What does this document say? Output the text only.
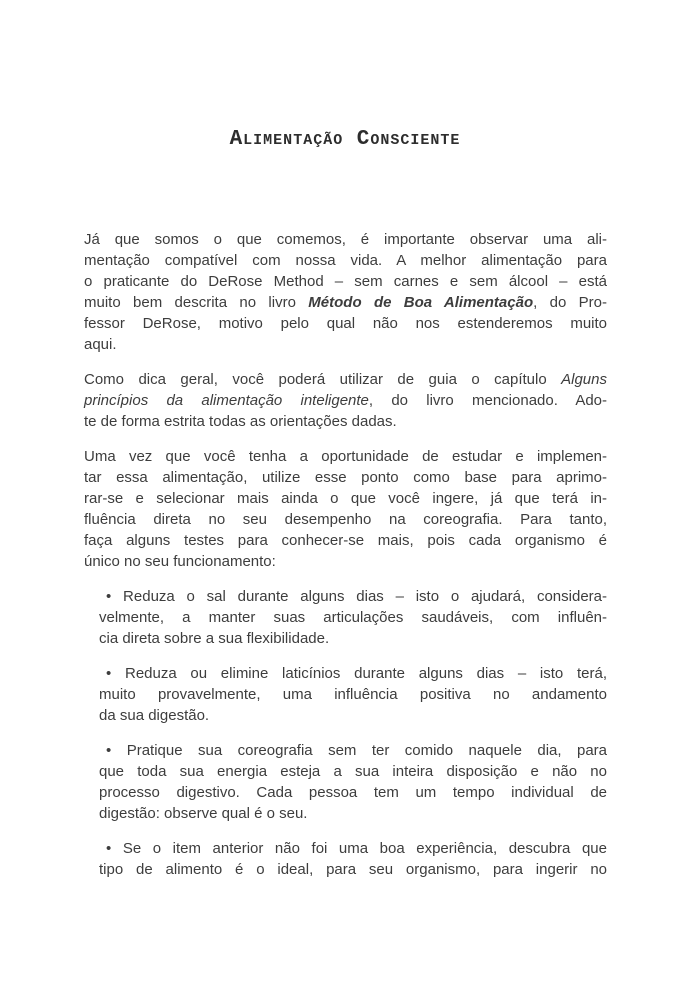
Alimentação Consciente
Já que somos o que comemos, é importante observar uma ali-
mentação compatível com nossa vida. A melhor alimentação para
o praticante do DeRose Method – sem carnes e sem álcool – está
muito bem descrita no livro Método de Boa Alimentação, do Pro-
fessor DeRose, motivo pelo qual não nos estenderemos muito
aqui.
Como dica geral, você poderá utilizar de guia o capítulo Alguns
princípios da alimentação inteligente, do livro mencionado. Ado-
te de forma estrita todas as orientações dadas.
Uma vez que você tenha a oportunidade de estudar e implemen-
tar essa alimentação, utilize esse ponto como base para aprimo-
rar-se e selecionar mais ainda o que você ingere, já que terá in-
fluência direta no seu desempenho na coreografia. Para tanto,
faça alguns testes para conhecer-se mais, pois cada organismo é
único no seu funcionamento:
• Reduza o sal durante alguns dias – isto o ajudará, considera-
velmente, a manter suas articulações saudáveis, com influên-
cia direta sobre a sua flexibilidade.
• Reduza ou elimine laticínios durante alguns dias – isto terá,
muito provavelmente, uma influência positiva no andamento
da sua digestão.
• Pratique sua coreografia sem ter comido naquele dia, para
que toda sua energia esteja a sua inteira disposição e não no
processo digestivo. Cada pessoa tem um tempo individual de
digestão: observe qual é o seu.
• Se o item anterior não foi uma boa experiência, descubra que
tipo de alimento é o ideal, para seu organismo, para ingerir no
